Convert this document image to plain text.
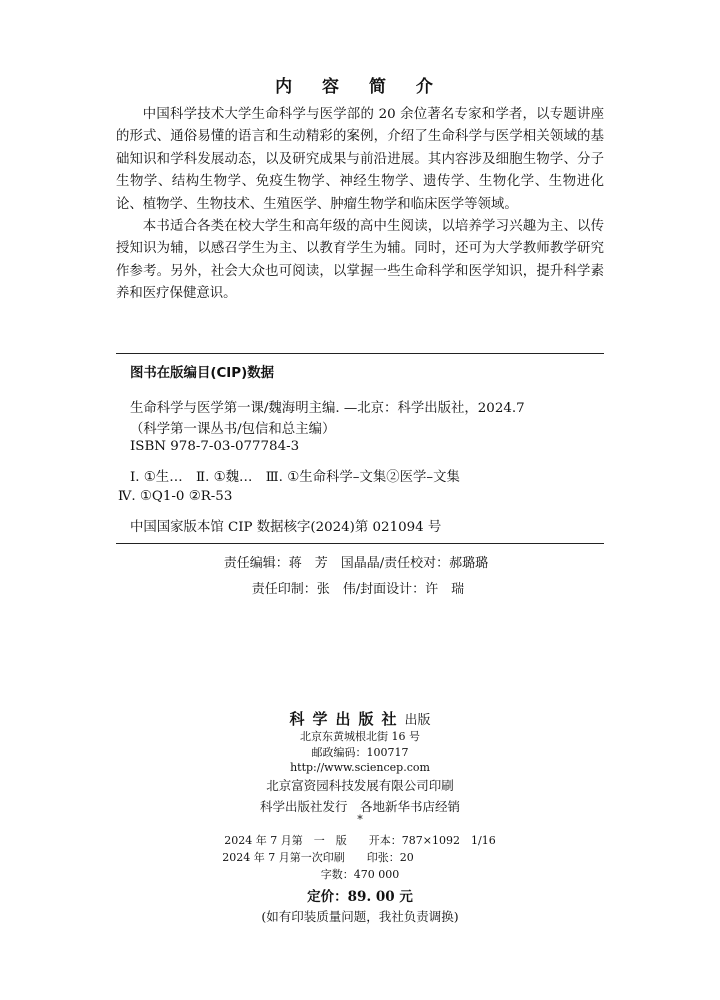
内 容 简 介

中国科学技术大学生命科学与医学部的 20 余位著名专家和学者，以专题讲座的形式、通俗易懂的语言和生动精彩的案例，介绍了生命科学与医学相关领域的基础知识和学科发展动态，以及研究成果与前沿进展。其内容涉及细胞生物学、分子生物学、结构生物学、免疫生物学、神经生物学、遗传学、生物化学、生物进化论、植物学、生物技术、生殖医学、肿瘤生物学和临床医学等领域。

本书适合各类在校大学生和高年级的高中生阅读，以培养学习兴趣为主、以传授知识为辅，以感召学生为主、以教育学生为辅。同时，还可为大学教师教学研究作参考。另外，社会大众也可阅读，以掌握一些生命科学和医学知识，提升科学素养和医疗保健意识。

图书在版编目(CIP)数据
生命科学与医学第一课/魏海明主编. —北京：科学出版社，2024.7
（科学第一课丛书/包信和总主编）
ISBN 978-7-03-077784-3
Ⅰ. ①生…　Ⅱ. ①魏…　Ⅲ. ①生命科学–文集②医学–文集
Ⅳ. ①Q1-0 ②R-53
中国国家版本馆 CIP 数据核字(2024)第 021094 号
责任编辑：蒋　芳　国晶晶/责任校对：郝璐璐
责任印制：张　伟/封面设计：许　瑞
科学出版社出版
北京东黄城根北街 16 号
邮政编码：100717
http://www.sciencep.com
北京富资园科技发展有限公司印刷
科学出版社发行　各地新华书店经销
*
2024 年 7 月第　一　版　　开本：787×1092　1/16
2024 年 7 月第一次印刷　　印张：20
字数：470 000
定价：89. 00 元
(如有印装质量问题，我社负责调换)
